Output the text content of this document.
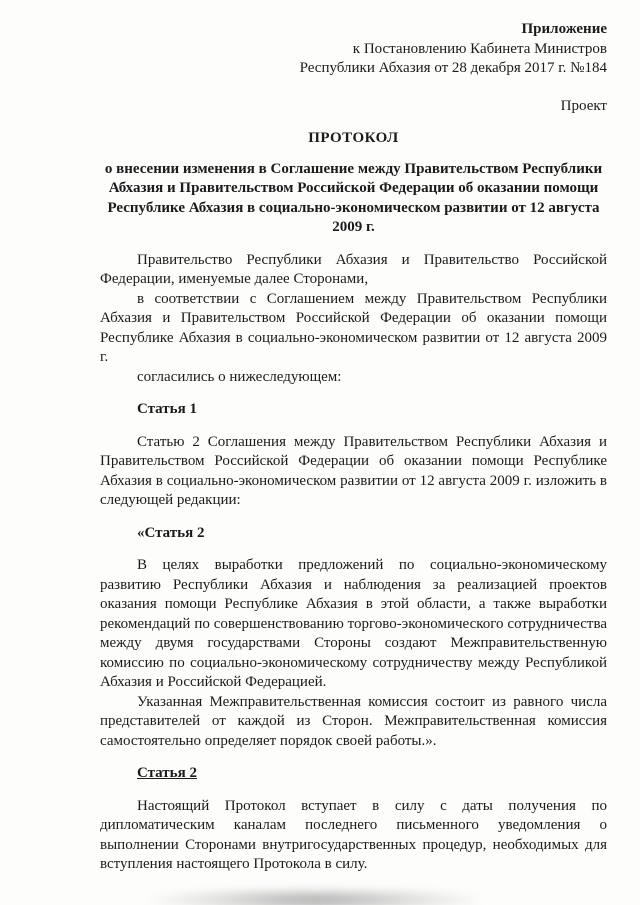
Приложение
к Постановлению Кабинета Министров
Республики Абхазия от 28 декабря 2017 г. №184
Проект
ПРОТОКОЛ
о внесении изменения в Соглашение между Правительством Республики Абхазия и Правительством Российской Федерации об оказании помощи Республике Абхазия в социально-экономическом развитии от 12 августа 2009 г.

Правительство Республики Абхазия и Правительство Российской Федерации, именуемые далее Сторонами,

в соответствии с Соглашением между Правительством Республики Абхазия и Правительством Российской Федерации об оказании помощи Республике Абхазия в социально-экономическом развитии от 12 августа 2009 г.

согласились о нижеследующем:

Статья 1

Статью 2 Соглашения между Правительством Республики Абхазия и Правительством Российской Федерации об оказании помощи Республике Абхазия в социально-экономическом развитии от 12 августа 2009 г. изложить в следующей редакции:

«Статья 2

В целях выработки предложений по социально-экономическому развитию Республики Абхазия и наблюдения за реализацией проектов оказания помощи Республике Абхазия в этой области, а также выработки рекомендаций по совершенствованию торгово-экономического сотрудничества между двумя государствами Стороны создают Межправительственную комиссию по социально-экономическому сотрудничеству между Республикой Абхазия и Российской Федерацией.

Указанная Межправительственная комиссия состоит из равного числа представителей от каждой из Сторон. Межправительственная комиссия самостоятельно определяет порядок своей работы.».

Статья 2

Настоящий Протокол вступает в силу с даты получения по дипломатическим каналам последнего письменного уведомления о выполнении Сторонами внутригосударственных процедур, необходимых для вступления настоящего Протокола в силу.
